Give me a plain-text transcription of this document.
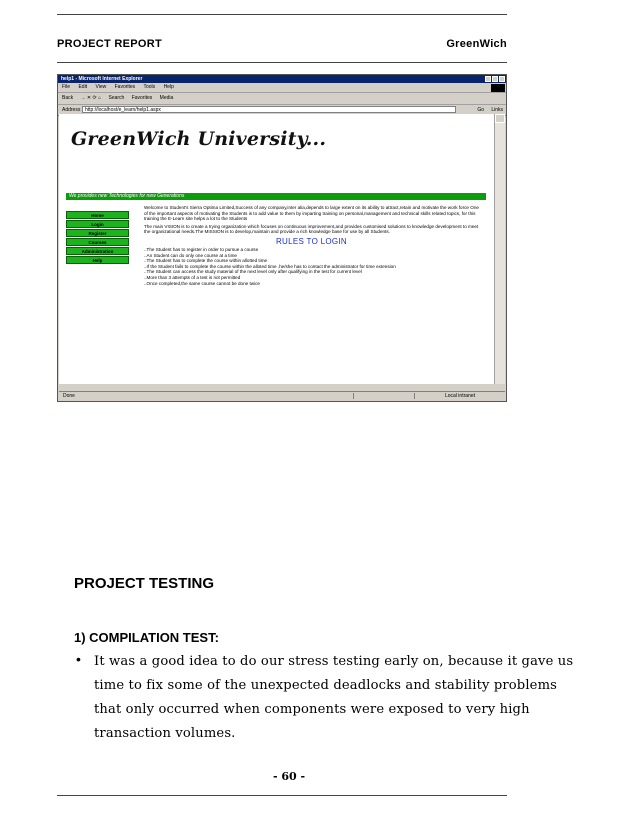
PROJECT REPORT	GreenWich
help1 - Microsoft Internet Explorer
File Edit View Favorites Tools Help
Back → ✕ ⟳ ⌂ Search Favorites Media
Address http://localhost/e_learn/help1.aspx	Go Links
GreenWich University...
We provides new Technologies for new Generations
Home
Login
Register
Courses
Administration
Help

Welcome to Student's Sierra Optima Limited,Success of any company,inter alia,depends to large extent on its ability to attract,retain and motivate the work force One of the important aspects of motivating the Students is to add value to them by imparting training on personal,management and technical skills related topics, for this training the E-Learn site helps a lot to the Students

The main VISION is to create a trying organization which focuses on continuous improvement,and provides customised solutions to knowledge development to meet the organizational needs.The MISSION is to develop,maintain and provide a rich knowledge base for use by all Students.

RULES TO LOGIN
..The Student has to register in order to pursue a course
..An Student can do only one course at a time
..The Student has to complete the course within allotted time
..If the Student fails to complete the course within the alloted time ,he/she has to contact the administrator for time extension
..The Student can access the study material of the next level only after qualifying in the test for current level
..More than 3 attempts of a test is not permitted
..Once completed,the same course cannot be done twice
Done	Local intranet
PROJECT TESTING
1) COMPILATION TEST:
• It was a good idea to do our stress testing early on, because it gave us time to fix some of the unexpected deadlocks and stability problems that only occurred when components were exposed to very high transaction volumes.
- 60 -
